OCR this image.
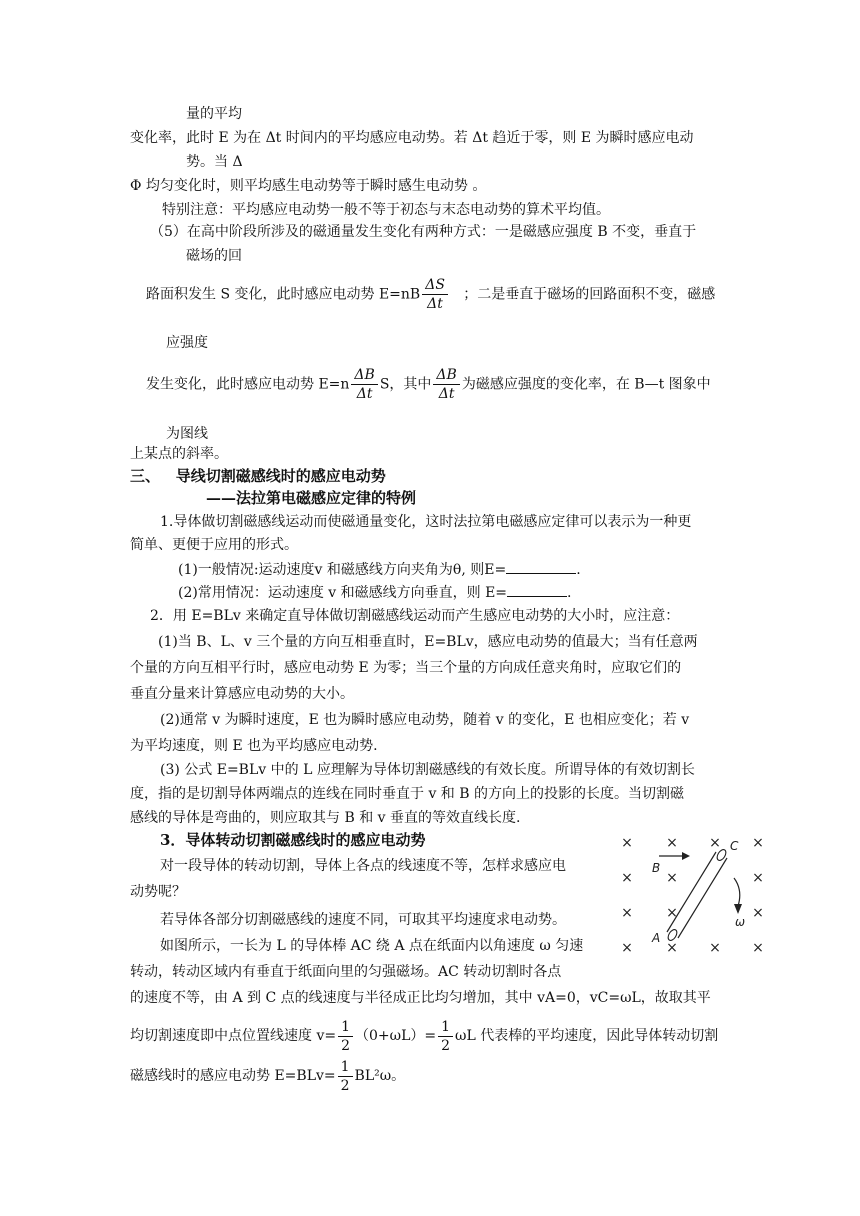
量的平均
变化率，此时 E 为在 Δt 时间内的平均感应电动势。若 Δt 趋近于零，则 E 为瞬时感应电动
势。当 Δ
Φ 均匀变化时，则平均感生电动势等于瞬时感生电动势 。
特别注意：平均感应电动势一般不等于初态与末态电动势的算术平均值。
（5）在高中阶段所涉及的磁通量发生变化有两种方式：一是磁感应强度 B 不变，垂直于
磁场的回
路面积发生 S 变化，此时感应电动势 $E=nB \frac{\Delta S}{\Delta t}$ ；二是垂直于磁场的回路面积不变，磁感
应强度
发生变化，此时感应电动势 $E=n \frac{\Delta B}{\Delta t}$ S，其中 $\frac{\Delta B}{\Delta t}$ 为磁感应强度的变化率，在 B—t 图象中
为图线
上某点的斜率。
三、 导线切割磁感线时的感应电动势
——法拉第电磁感应定律的特例
1.导体做切割磁感线运动而使磁通量变化，这时法拉第电磁感应定律可以表示为一种更
简单、更便于应用的形式。
(1)一般情况:运动速度v 和磁感线方向夹角为θ, 则E=	.
(2)常用情况：运动速度 v 和磁感线方向垂直，则 E=	.
2．用 E=BLv 来确定直导体做切割磁感线运动而产生感应电动势的大小时，应注意：
(1)当 B、L、v 三个量的方向互相垂直时，E=BLv，感应电动势的值最大；当有任意两
个量的方向互相平行时，感应电动势 E 为零；当三个量的方向成任意夹角时，应取它们的
垂直分量来计算感应电动势的大小。
(2)通常 v 为瞬时速度，E 也为瞬时感应电动势，随着 v 的变化，E 也相应变化；若 v
为平均速度，则 E 也为平均感应电动势.
(3) 公式 E=BLv 中的 L 应理解为导体切割磁感线的有效长度。所谓导体的有效切割长
度，指的是切割导体两端点的连线在同时垂直于 v 和 B 的方向上的投影的长度。当切割磁
感线的导体是弯曲的，则应取其与 B 和 v 垂直的等效直线长度.
3．导体转动切割磁感线时的感应电动势
对一段导体的转动切割，导体上各点的线速度不等，怎样求感应电
动势呢？
若导体各部分切割磁感线的速度不同，可取其平均速度求电动势。
如图所示，一长为 L 的导体棒 AC 绕 A 点在纸面内以角速度 ω 匀速
转动，转动区域内有垂直于纸面向里的匀强磁场。AC 转动切割时各点
的速度不等，由 A 到 C 点的线速度与半径成正比均匀增加，其中 vA=0，vC=ωL，故取其平
均切割速度即中点位置线速度 $v= \frac{1}{2} (0+\omega L)= \frac{1}{2}$ ωL 代表棒的平均速度，因此导体转动切割
磁感线时的感应电动势 $E=BLv= \frac{1}{2} BL^2\omega$。
× × × ×
× ×	×
× ×	×
× × × ×
B
C
A
ω
